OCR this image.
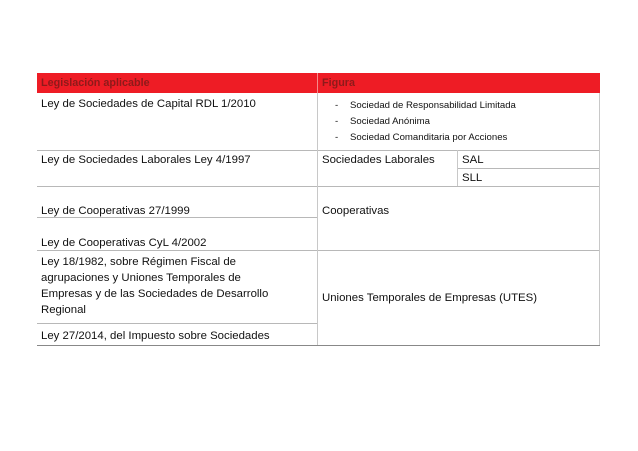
Legislación aplicable	Figura
Ley de Sociedades de Capital RDL 1/2010
-	Sociedad de Responsabilidad Limitada
- Sociedad Anónima
- Sociedad Comanditaria por Acciones
Ley de Sociedades Laborales Ley 4/1997	Sociedades Laborales	SAL
SLL
Ley de Cooperativas 27/1999
Ley de Cooperativas CyL 4/2002
Cooperativas
Ley 18/1982, sobre Régimen Fiscal de agrupaciones y Uniones Temporales de Empresas y de las Sociedades de Desarrollo Regional
Ley 27/2014, del Impuesto sobre Sociedades
Uniones Temporales de Empresas (UTES)
